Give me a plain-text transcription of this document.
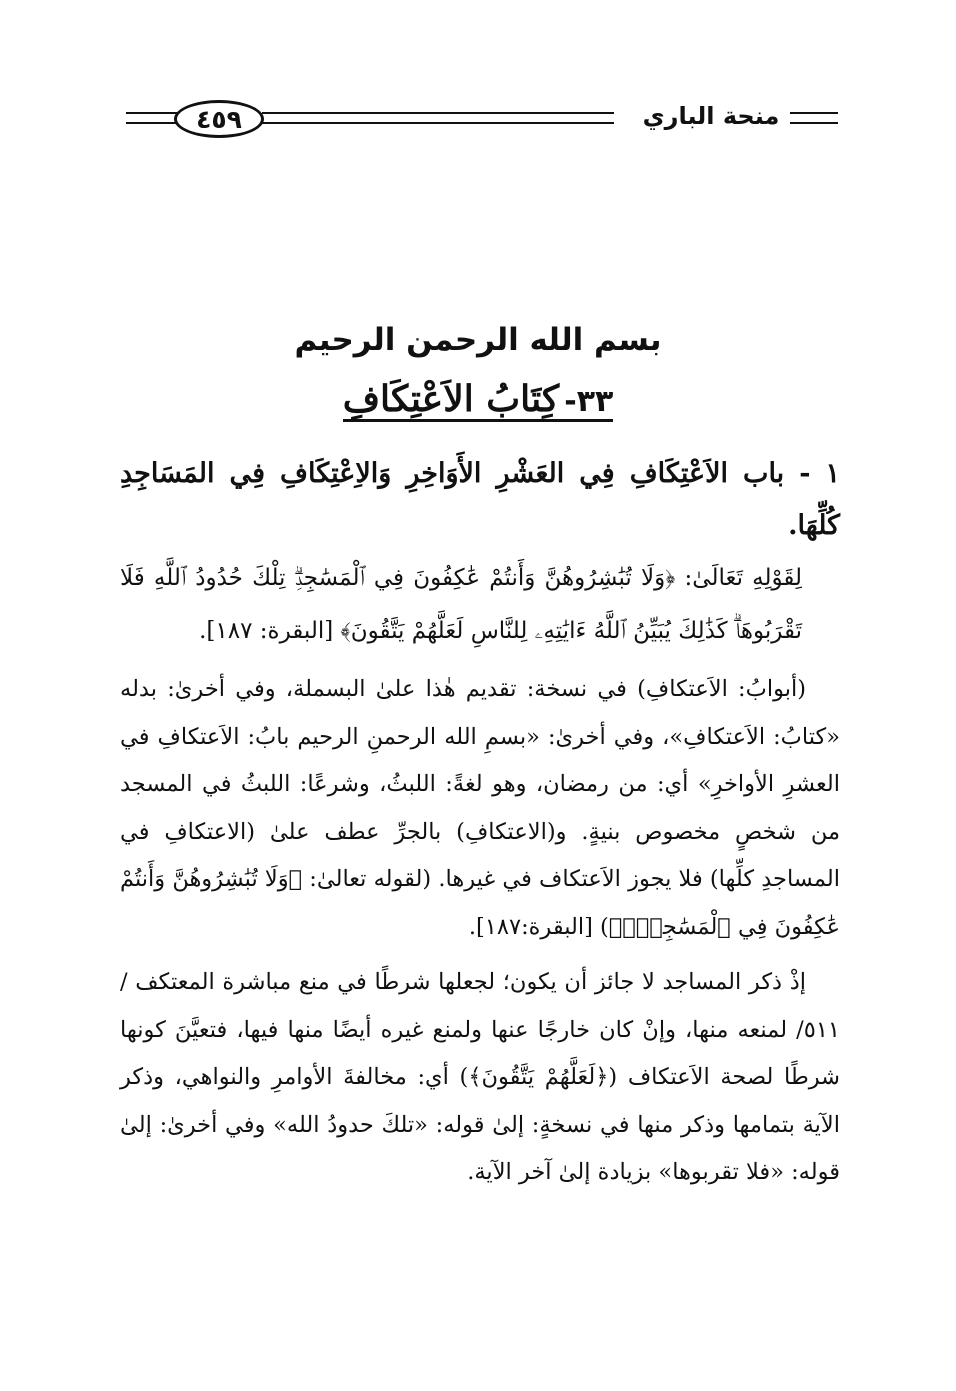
٤٥٩	منحة الباري
بسم الله الرحمن الرحيم
٣٣- كِتَابُ الاَعْتِكَافِ

١ - باب الاَعْتِكَافِ فِي العَشْرِ الأَوَاخِرِ وَالاِعْتِكَافِ فِي المَسَاجِدِ كُلِّهَا.

لِقَوْلِهِ تَعَالَىٰ: ﴿وَلَا تُبَٰشِرُوهُنَّ وَأَنتُمْ عَٰكِفُونَ فِي ٱلْمَسَٰجِدِۗ تِلْكَ حُدُودُ ٱللَّهِ فَلَا تَقْرَبُوهَاۗ كَذَٰلِكَ يُبَيِّنُ ٱللَّهُ ءَايَٰتِهِۦ لِلنَّاسِ لَعَلَّهُمْ يَتَّقُونَ﴾ [البقرة: ١٨٧].

(أبوابُ: الاَعتكافِ) في نسخة: تقديم هٰذا علىٰ البسملة، وفي أخرىٰ: بدله «كتابُ: الاَعتكافِ»، وفي أخرىٰ: «بسمِ الله الرحمنِ الرحيم بابُ: الاَعتكافِ في العشرِ الأواخرِ» أي: من رمضان، وهو لغةً: اللبثُ، وشرعًا: اللبثُ في المسجد من شخصٍ مخصوص بنيةٍ. و(الاعتكافِ) بالجرِّ عطف علىٰ (الاعتكافِ في المساجدِ كلِّها) فلا يجوز الاَعتكاف في غيرها. (لقوله تعالىٰ: ﴿وَلَا تُبَٰشِرُوهُنَّ وَأَنتُمْ عَٰكِفُونَ فِي ٱلْمَسَٰجِدِۗ﴾) [البقرة:١٨٧].

إذْ ذكر المساجد لا جائز أن يكون؛ لجعلها شرطًا في منع مباشرة المعتكف /٥١١/ لمنعه منها، وإنْ كان خارجًا عنها ولمنع غيره أيضًا منها فيها، فتعيَّنَ كونها شرطًا لصحة الاَعتكاف (﴿لَعَلَّهُمْ يَتَّقُونَ﴾) أي: مخالفةَ الأوامرِ والنواهي، وذكر الآية بتمامها وذكر منها في نسخةٍ: إلىٰ قوله: «تلكَ حدودُ الله» وفي أخرىٰ: إلىٰ قوله: «فلا تقربوها» بزيادة إلىٰ آخر الآية.
